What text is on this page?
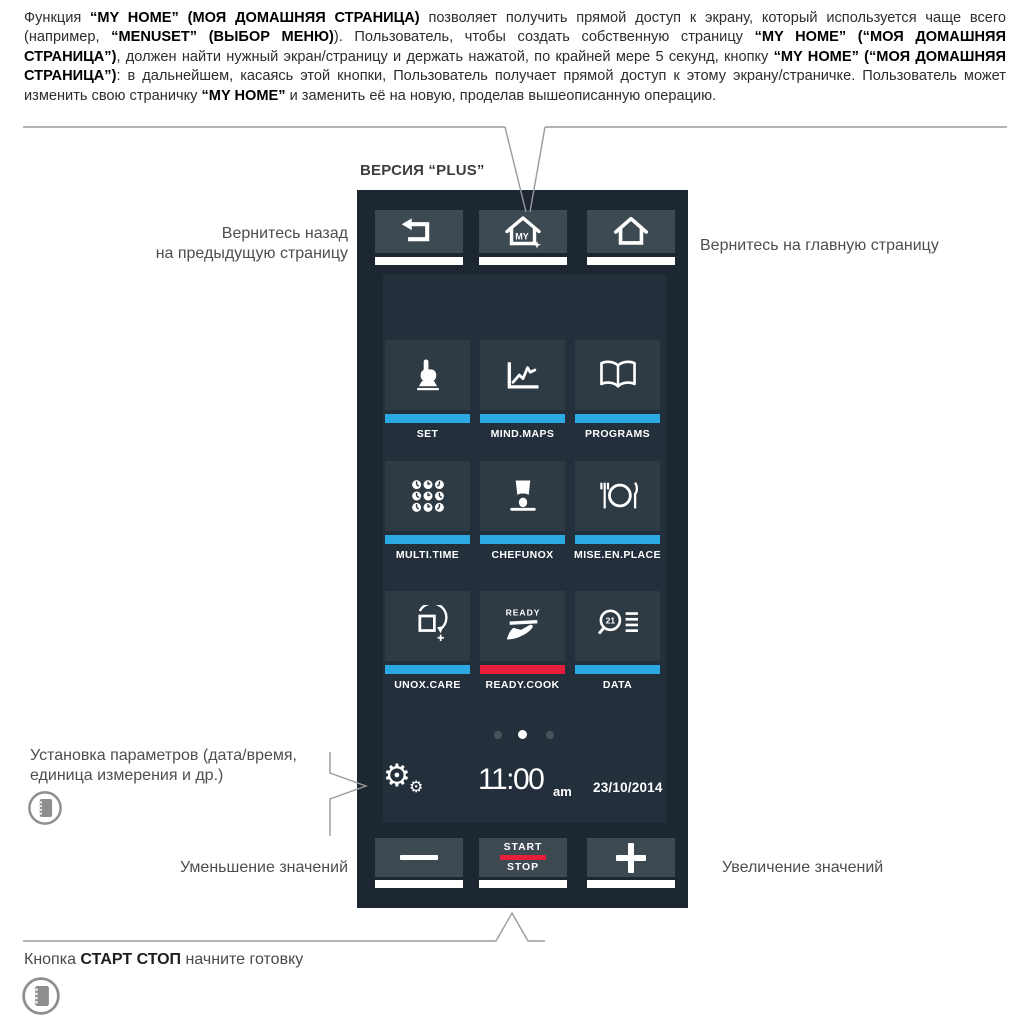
Функция “MY HOME” (МОЯ ДОМАШНЯЯ СТРАНИЦА) позволяет получить прямой доступ к экрану, который используется чаще всего (например, “MENUSET” (ВЫБОР МЕНЮ)). Пользователь, чтобы создать собственную страницу “MY HOME” (“МОЯ ДОМАШНЯЯ СТРАНИЦА”), должен найти нужный экран/страницу и держать нажатой, по крайней мере 5 секунд, кнопку “MY HOME” (“МОЯ ДОМАШНЯЯ СТРАНИЦА”): в дальнейшем, касаясь этой кнопки, Пользователь получает прямой доступ к этому экрану/страничке. Пользователь может изменить свою страничку “MY HOME” и заменить её на новую, проделав вышеописанную операцию.
ВЕРСИЯ “PLUS”
MY
SET	MIND.MAPS	PROGRAMS
MULTI.TIME	CHEFUNOX	MISE.EN.PLACE
UNOX.CARE
READY
READY.COOK
21
DATA
⚙
⚙ 11:00 am 23/10/2014
START
STOP
Вернитесь назад
на предыдущую страницу	Вернитесь на главную страницу
Установка параметров (дата/время,
единица измерения и др.)
Уменьшение значений	Увеличение значений
Кнопка СТАРТ СТОП начните готовку
